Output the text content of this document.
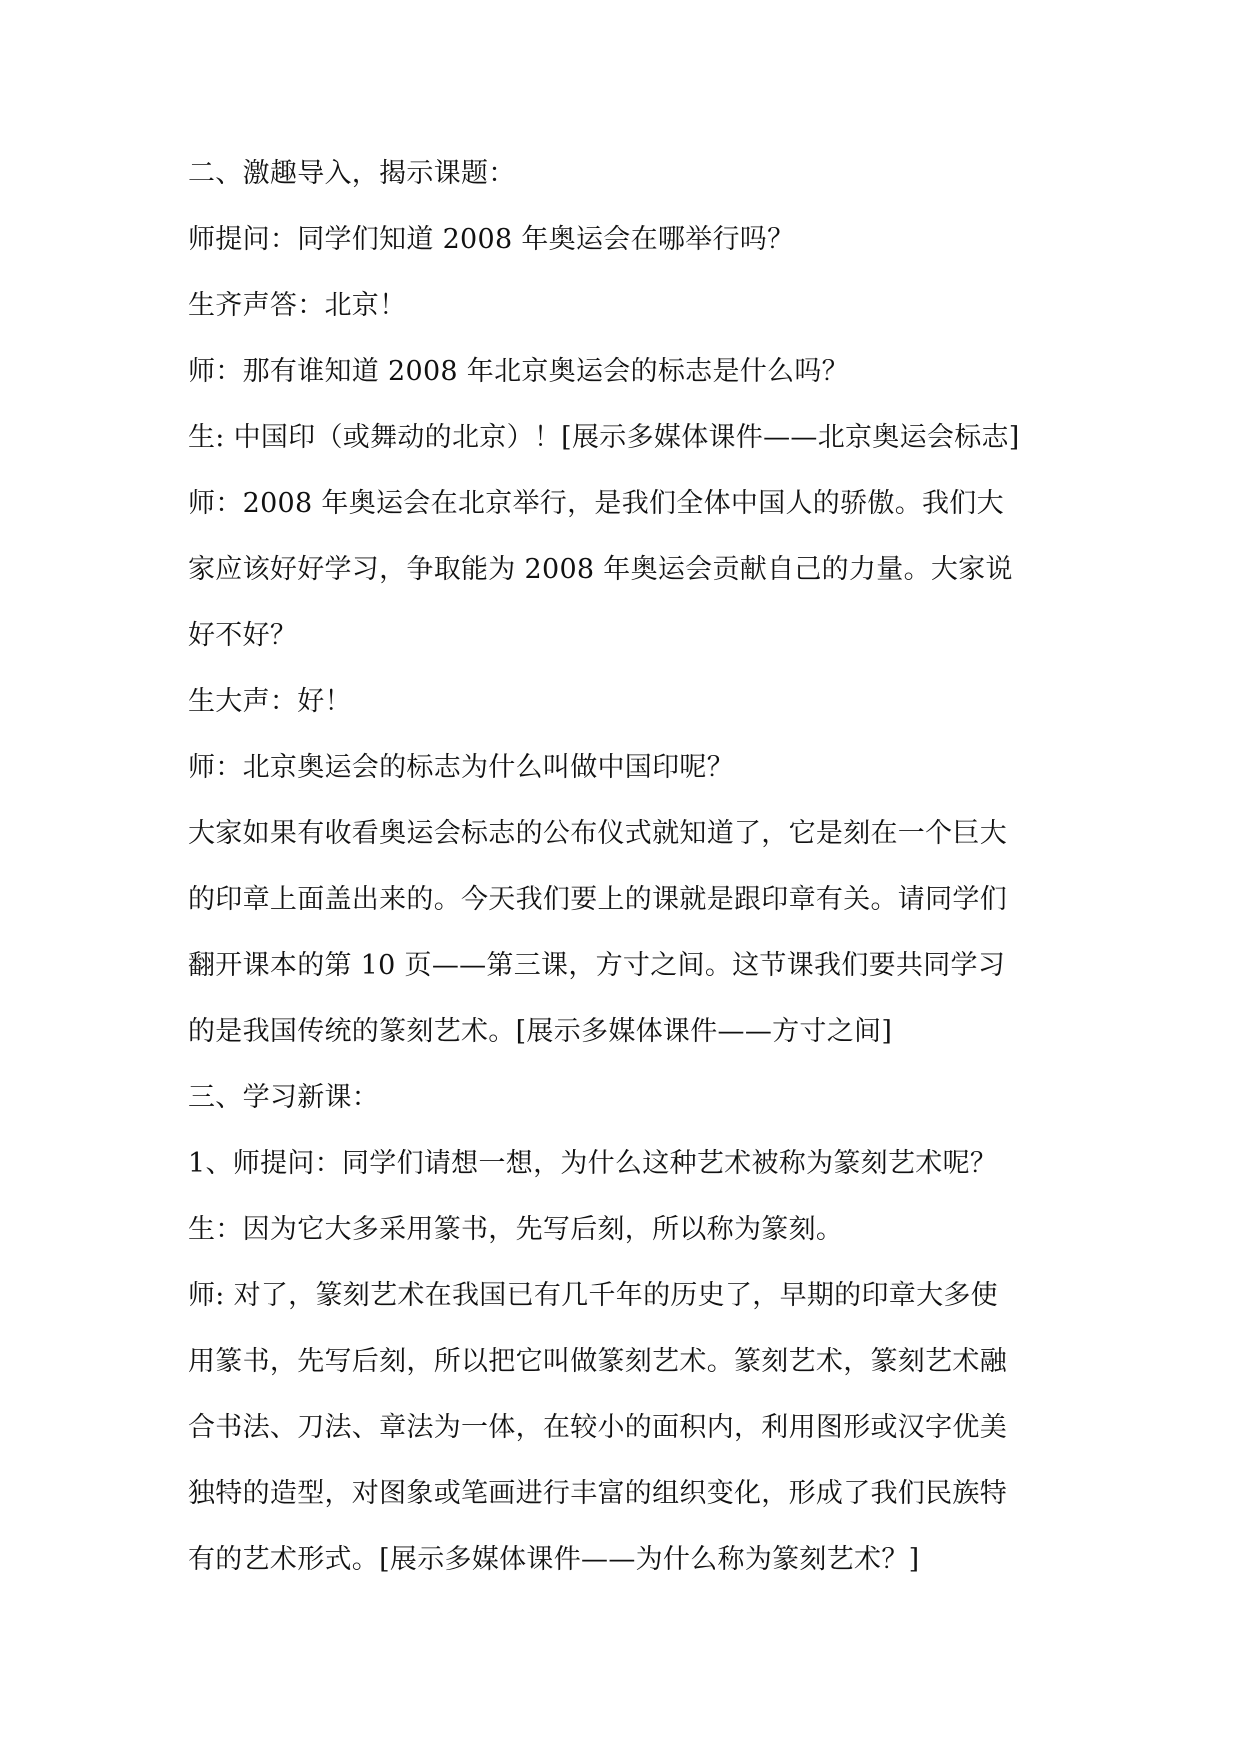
二、激趣导入，揭示课题：
师提问：同学们知道 2008 年奥运会在哪举行吗？
生齐声答：北京！
师：那有谁知道 2008 年北京奥运会的标志是什么吗？
生: 中国印（或舞动的北京）！[展示多媒体课件——北京奥运会标志]
师：2008 年奥运会在北京举行，是我们全体中国人的骄傲。我们大
家应该好好学习，争取能为 2008 年奥运会贡献自己的力量。大家说
好不好？
生大声：好！
师：北京奥运会的标志为什么叫做中国印呢？
大家如果有收看奥运会标志的公布仪式就知道了，它是刻在一个巨大
的印章上面盖出来的。今天我们要上的课就是跟印章有关。请同学们
翻开课本的第 10 页——第三课，方寸之间。这节课我们要共同学习
的是我国传统的篆刻艺术。[展示多媒体课件——方寸之间]
三、学习新课：
1、师提问：同学们请想一想，为什么这种艺术被称为篆刻艺术呢？
生：因为它大多采用篆书，先写后刻，所以称为篆刻。
师: 对了，篆刻艺术在我国已有几千年的历史了，早期的印章大多使
用篆书，先写后刻，所以把它叫做篆刻艺术。篆刻艺术，篆刻艺术融
合书法、刀法、章法为一体，在较小的面积内，利用图形或汉字优美
独特的造型，对图象或笔画进行丰富的组织变化，形成了我们民族特
有的艺术形式。[展示多媒体课件——为什么称为篆刻艺术？]
